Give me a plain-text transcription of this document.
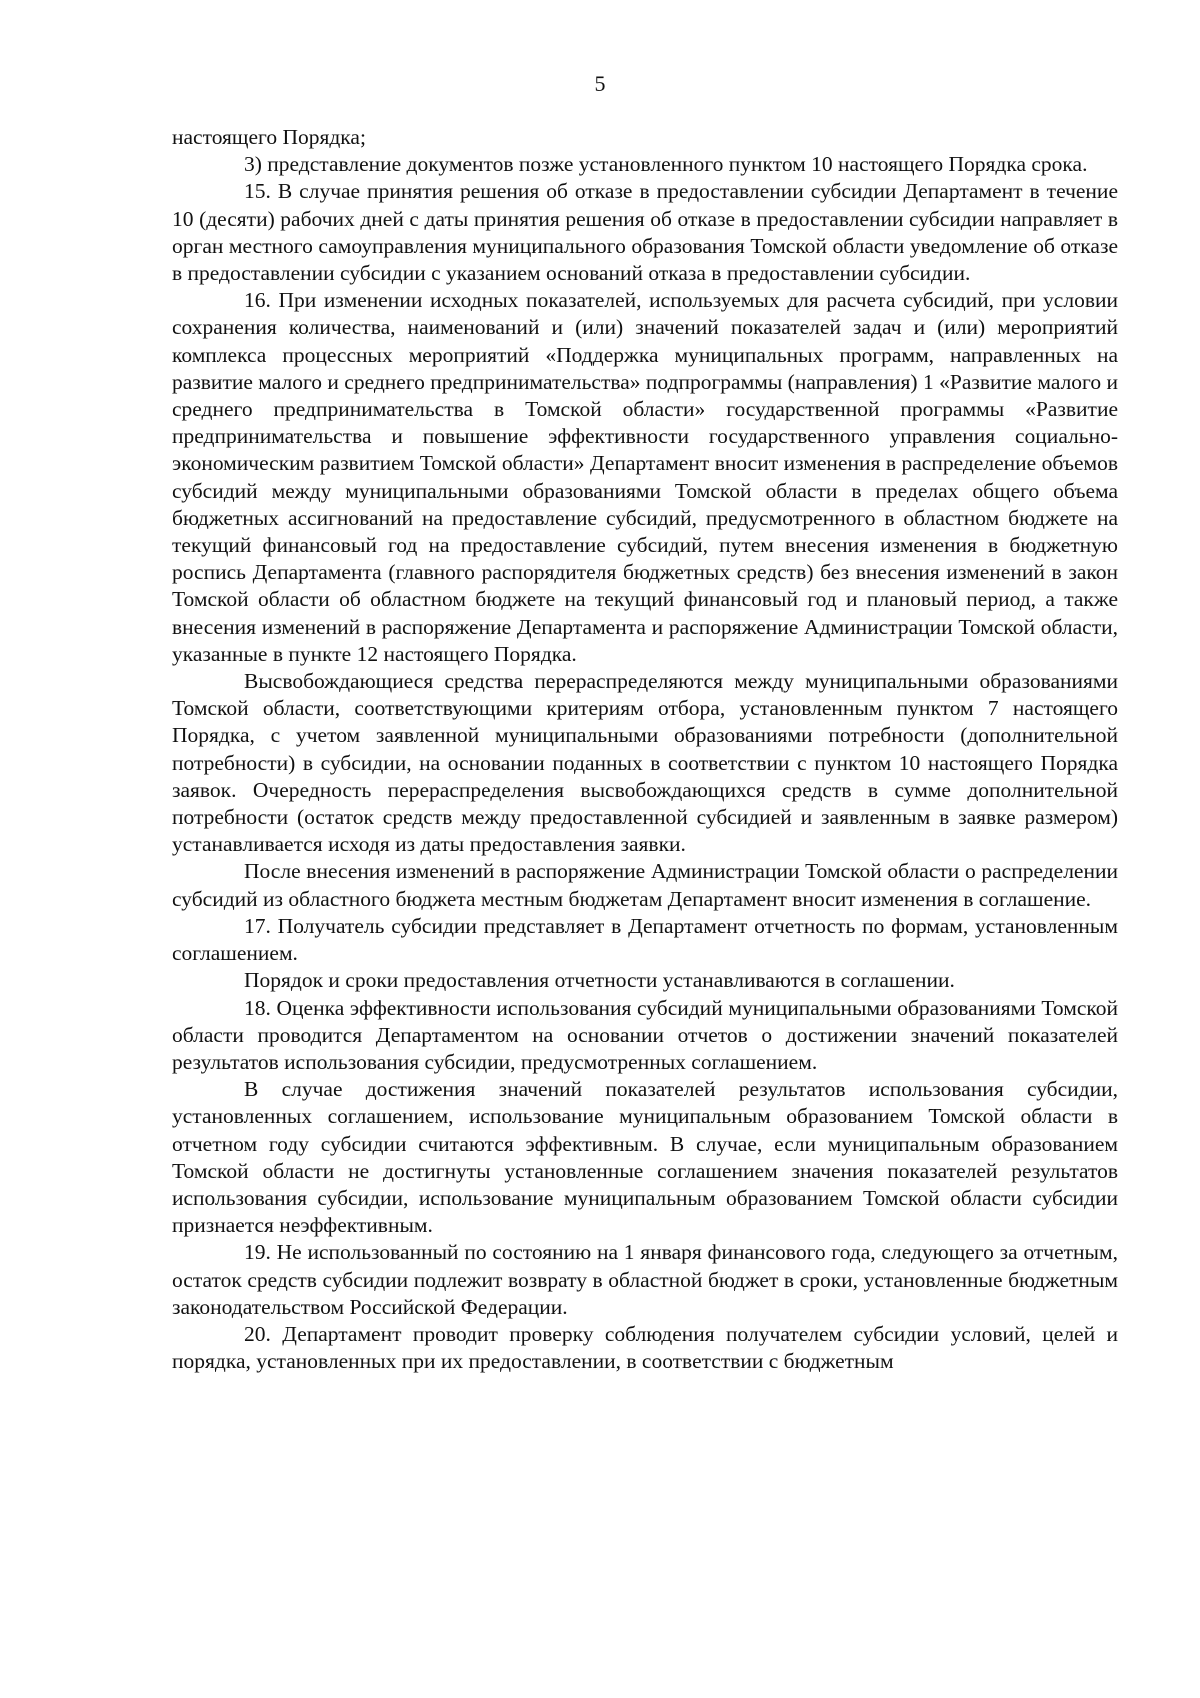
5

настоящего Порядка;

3) представление документов позже установленного пунктом 10 настоящего Порядка срока.

15. В случае принятия решения об отказе в предоставлении субсидии Департамент в течение 10 (десяти) рабочих дней с даты принятия решения об отказе в предоставлении субсидии направляет в орган местного самоуправления муниципального образования Томской области уведомление об отказе в предоставлении субсидии с указанием оснований отказа в предоставлении субсидии.

16. При изменении исходных показателей, используемых для расчета субсидий, при условии сохранения количества, наименований и (или) значений показателей задач и (или) мероприятий комплекса процессных мероприятий «Поддержка муниципальных программ, направленных на развитие малого и среднего предпринимательства» подпрограммы (направления) 1 «Развитие малого и среднего предпринимательства в Томской области» государственной программы «Развитие предпринимательства и повышение эффективности государственного управления социально-экономическим развитием Томской области» Департамент вносит изменения в распределение объемов субсидий между муниципальными образованиями Томской области в пределах общего объема бюджетных ассигнований на предоставление субсидий, предусмотренного в областном бюджете на текущий финансовый год на предоставление субсидий, путем внесения изменения в бюджетную роспись Департамента (главного распорядителя бюджетных средств) без внесения изменений в закон Томской области об областном бюджете на текущий финансовый год и плановый период, а также внесения изменений в распоряжение Департамента и распоряжение Администрации Томской области, указанные в пункте 12 настоящего Порядка.

Высвобождающиеся средства перераспределяются между муниципальными образованиями Томской области, соответствующими критериям отбора, установленным пунктом 7 настоящего Порядка, с учетом заявленной муниципальными образованиями потребности (дополнительной потребности) в субсидии, на основании поданных в соответствии с пунктом 10 настоящего Порядка заявок. Очередность перераспределения высвобождающихся средств в сумме дополнительной потребности (остаток средств между предоставленной субсидией и заявленным в заявке размером) устанавливается исходя из даты предоставления заявки.

После внесения изменений в распоряжение Администрации Томской области о распределении субсидий из областного бюджета местным бюджетам Департамент вносит изменения в соглашение.

17. Получатель субсидии представляет в Департамент отчетность по формам, установленным соглашением.

Порядок и сроки предоставления отчетности устанавливаются в соглашении.

18. Оценка эффективности использования субсидий муниципальными образованиями Томской области проводится Департаментом на основании отчетов о достижении значений показателей результатов использования субсидии, предусмотренных соглашением.

В случае достижения значений показателей результатов использования субсидии, установленных соглашением, использование муниципальным образованием Томской области в отчетном году субсидии считаются эффективным. В случае, если муниципальным образованием Томской области не достигнуты установленные соглашением значения показателей результатов использования субсидии, использование муниципальным образованием Томской области субсидии признается неэффективным.

19. Не использованный по состоянию на 1 января финансового года, следующего за отчетным, остаток средств субсидии подлежит возврату в областной бюджет в сроки, установленные бюджетным законодательством Российской Федерации.

20. Департамент проводит проверку соблюдения получателем субсидии условий, целей и порядка, установленных при их предоставлении, в соответствии с бюджетным
